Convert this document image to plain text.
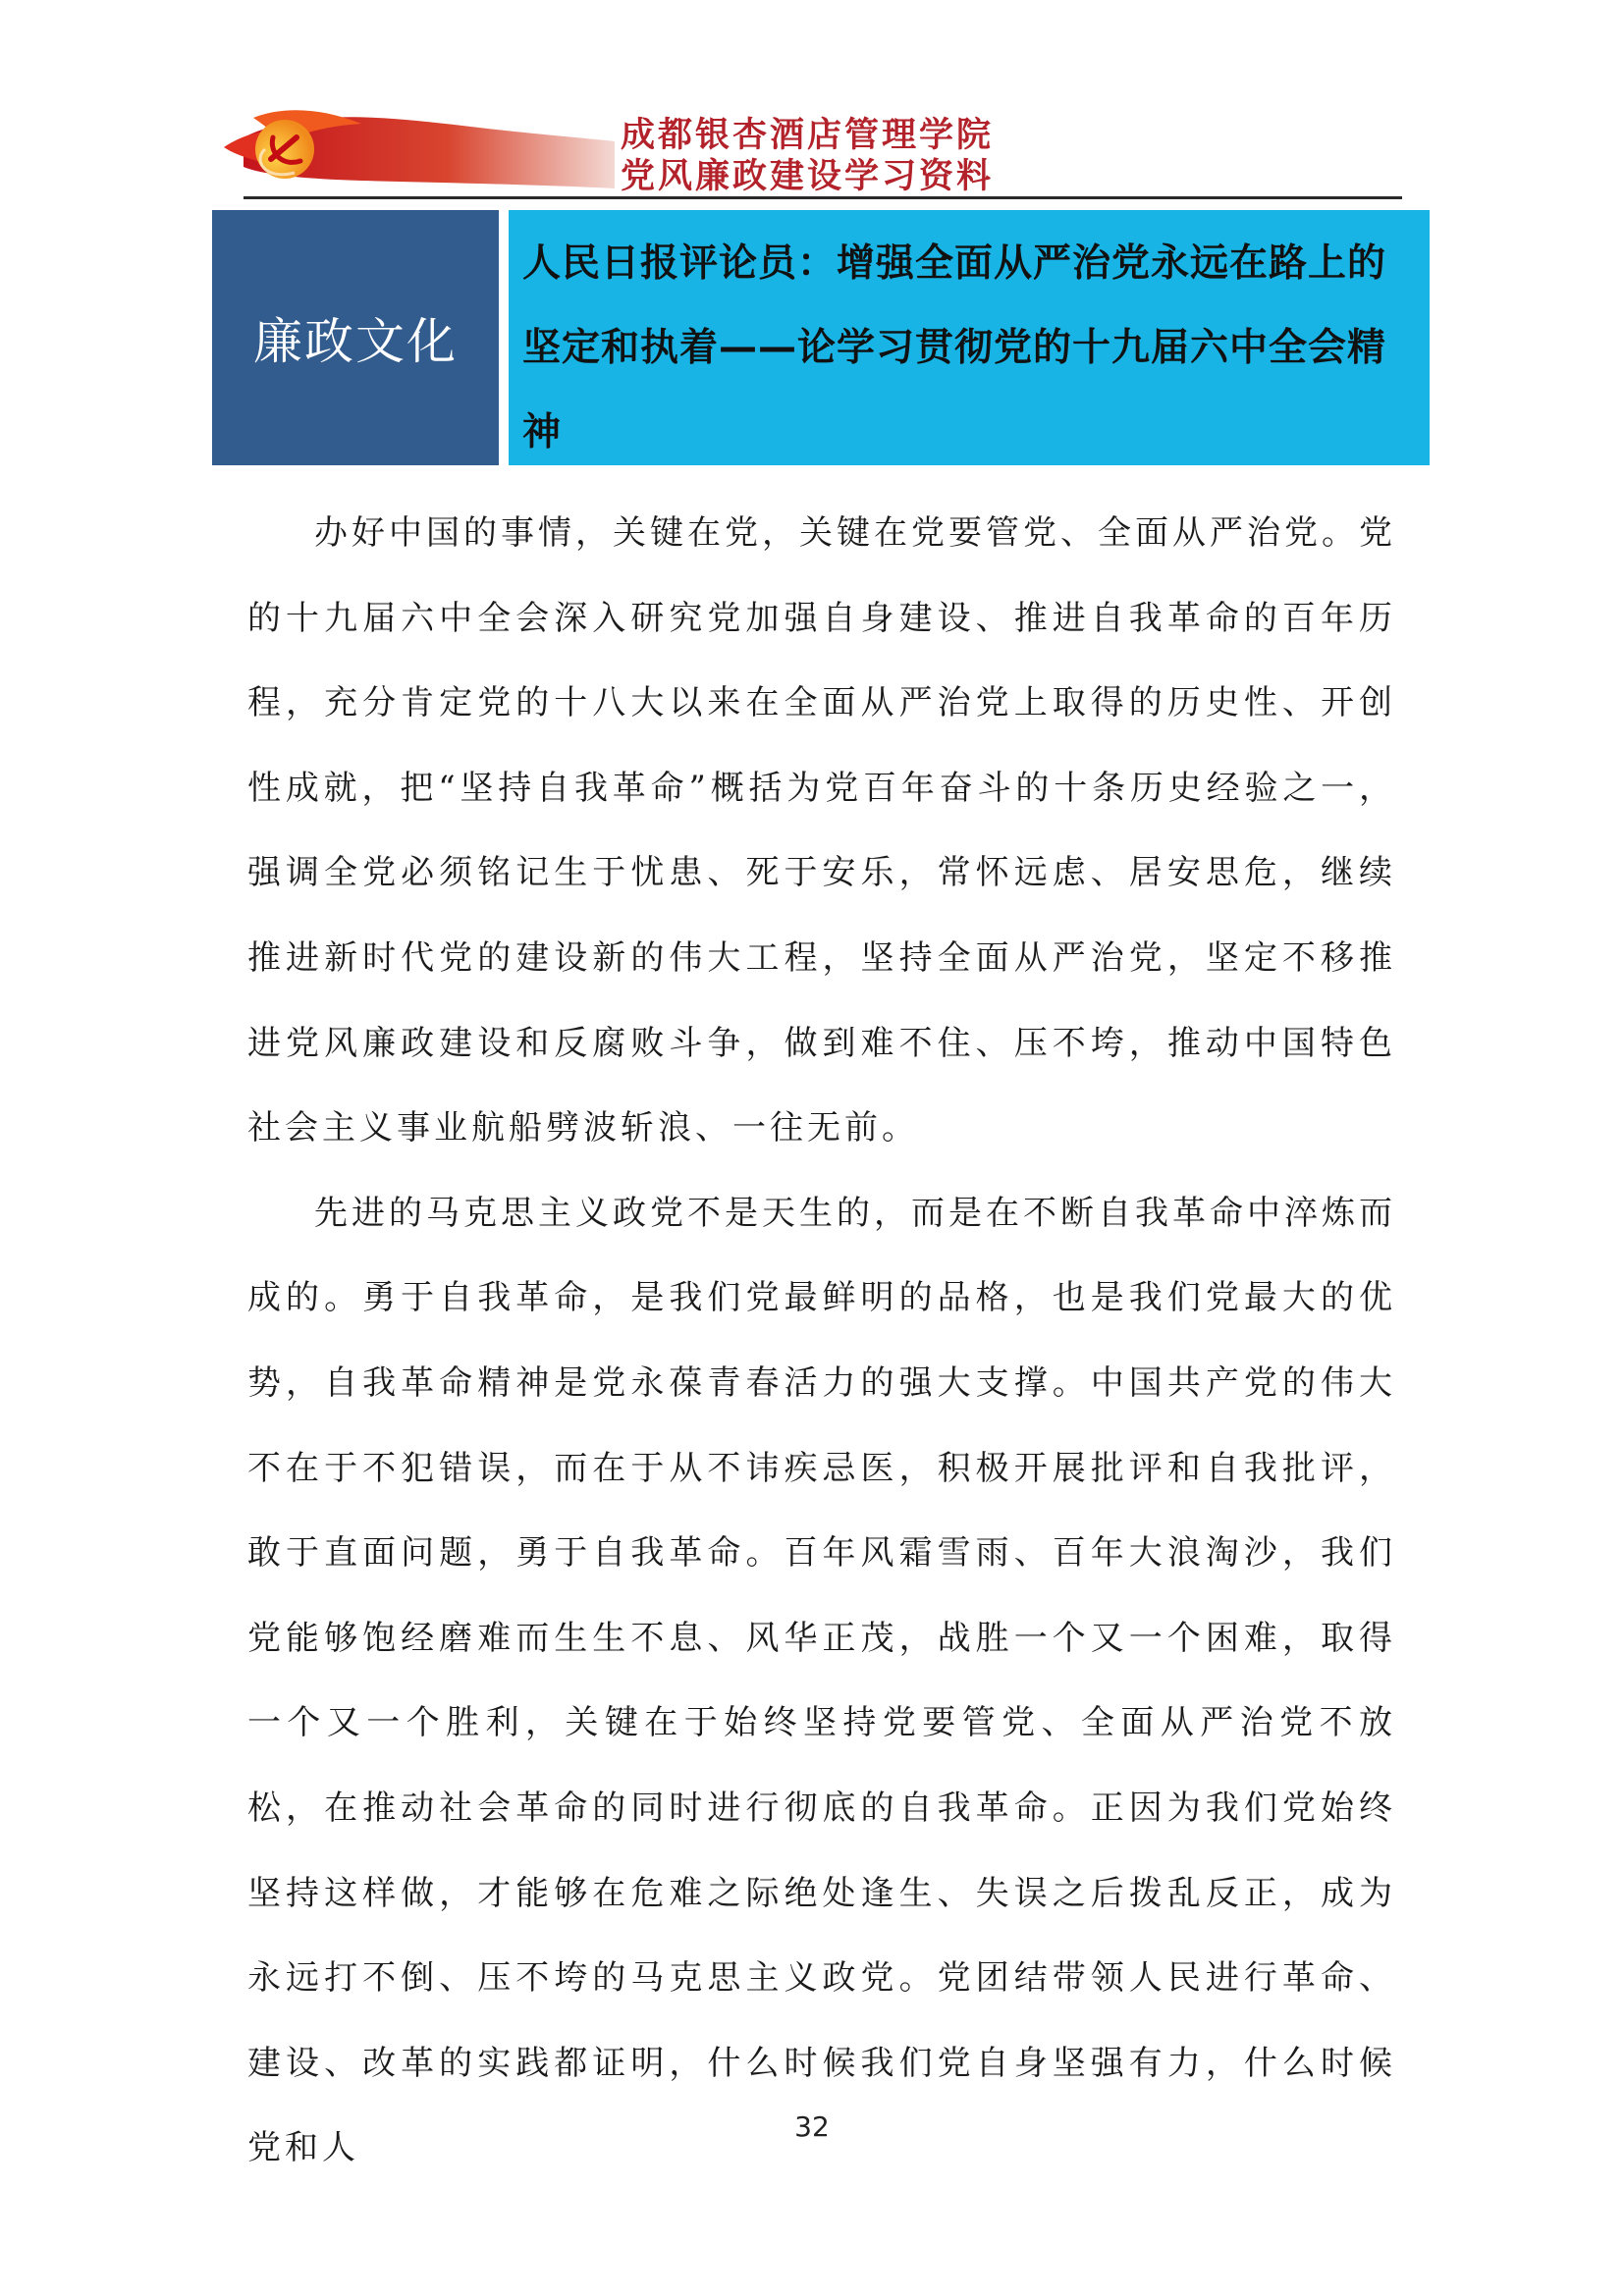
成都银杏酒店管理学院
党风廉政建设学习资料
廉政文化
人民日报评论员：增强全面从严治党永远在路上的坚定和执着——论学习贯彻党的十九届六中全会精神

办好中国的事情，关键在党，关键在党要管党、全面从严治党。党的十九届六中全会深入研究党加强自身建设、推进自我革命的百年历程，充分肯定党的十八大以来在全面从严治党上取得的历史性、开创性成就，把“坚持自我革命”概括为党百年奋斗的十条历史经验之一，强调全党必须铭记生于忧患、死于安乐，常怀远虑、居安思危，继续推进新时代党的建设新的伟大工程，坚持全面从严治党，坚定不移推进党风廉政建设和反腐败斗争，做到难不住、压不垮，推动中国特色社会主义事业航船劈波斩浪、一往无前。

先进的马克思主义政党不是天生的，而是在不断自我革命中淬炼而成的。勇于自我革命，是我们党最鲜明的品格，也是我们党最大的优势，自我革命精神是党永葆青春活力的强大支撑。中国共产党的伟大不在于不犯错误，而在于从不讳疾忌医，积极开展批评和自我批评，敢于直面问题，勇于自我革命。百年风霜雪雨、百年大浪淘沙，我们党能够饱经磨难而生生不息、风华正茂，战胜一个又一个困难，取得一个又一个胜利，关键在于始终坚持党要管党、全面从严治党不放松，在推动社会革命的同时进行彻底的自我革命。正因为我们党始终坚持这样做，才能够在危难之际绝处逢生、失误之后拨乱反正，成为永远打不倒、压不垮的马克思主义政党。党团结带领人民进行革命、建设、改革的实践都证明，什么时候我们党自身坚强有力，什么时候党和人

32
